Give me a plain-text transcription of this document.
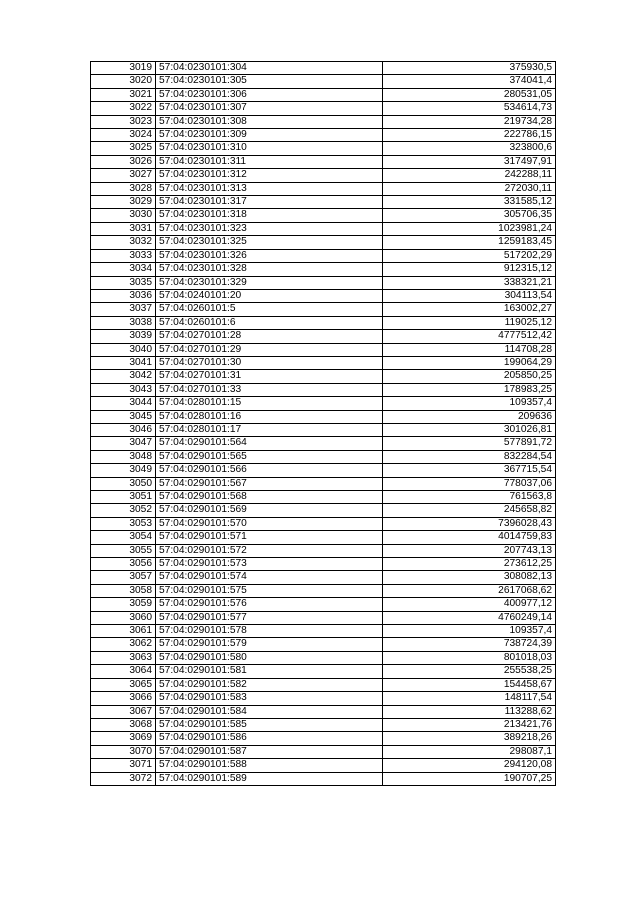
3019	57:04:0230101:304	375930,5
3020	57:04:0230101:305	374041,4
3021	57:04:0230101:306	280531,05
3022	57:04:0230101:307	534614,73
3023	57:04:0230101:308	219734,28
3024	57:04:0230101:309	222786,15
3025	57:04:0230101:310	323800,6
3026	57:04:0230101:311	317497,91
3027	57:04:0230101:312	242288,11
3028	57:04:0230101:313	272030,11
3029	57:04:0230101:317	331585,12
3030	57:04:0230101:318	305706,35
3031	57:04:0230101:323	1023981,24
3032	57:04:0230101:325	1259183,45
3033	57:04:0230101:326	517202,29
3034	57:04:0230101:328	912315,12
3035	57:04:0230101:329	338321,21
3036	57:04:0240101:20	304113,54
3037	57:04:0260101:5	163002,27
3038	57:04:0260101:6	119025,12
3039	57:04:0270101:28	4777512,42
3040	57:04:0270101:29	114708,28
3041	57:04:0270101:30	199064,29
3042	57:04:0270101:31	205850,25
3043	57:04:0270101:33	178983,25
3044	57:04:0280101:15	109357,4
3045	57:04:0280101:16	209636
3046	57:04:0280101:17	301026,81
3047	57:04:0290101:564	577891,72
3048	57:04:0290101:565	832284,54
3049	57:04:0290101:566	367715,54
3050	57:04:0290101:567	778037,06
3051	57:04:0290101:568	761563,8
3052	57:04:0290101:569	245658,82
3053	57:04:0290101:570	7396028,43
3054	57:04:0290101:571	4014759,83
3055	57:04:0290101:572	207743,13
3056	57:04:0290101:573	273612,25
3057	57:04:0290101:574	308082,13
3058	57:04:0290101:575	2617068,62
3059	57:04:0290101:576	400977,12
3060	57:04:0290101:577	4760249,14
3061	57:04:0290101:578	109357,4
3062	57:04:0290101:579	738724,39
3063	57:04:0290101:580	801018,03
3064	57:04:0290101:581	255538,25
3065	57:04:0290101:582	154458,67
3066	57:04:0290101:583	148117,54
3067	57:04:0290101:584	113288,62
3068	57:04:0290101:585	213421,76
3069	57:04:0290101:586	389218,26
3070	57:04:0290101:587	298087,1
3071	57:04:0290101:588	294120,08
3072	57:04:0290101:589	190707,25
